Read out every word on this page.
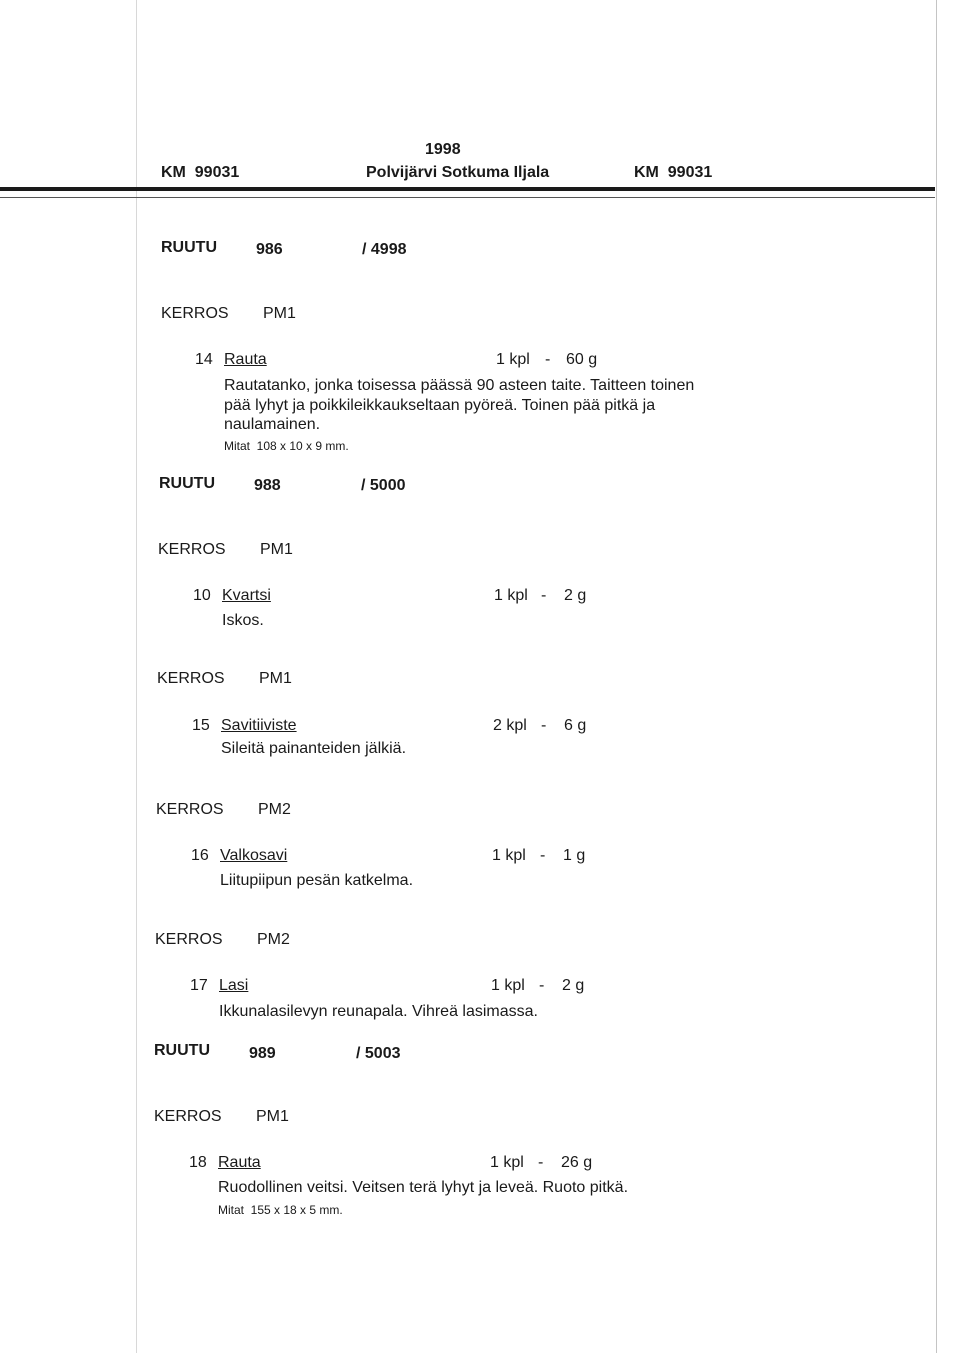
1998
KM  99031	Polvijärvi Sotkuma Iljala	KM  99031
RUUTU 986	/ 4998
KERROS PM1
14 Rauta	1 kpl - 60 g
Rautatanko, jonka toisessa päässä 90 asteen taite. Taitteen toinen
pää lyhyt ja poikkileikkaukseltaan pyöreä. Toinen pää pitkä ja
naulamainen.
Mitat  108 x 10 x 9 mm.
RUUTU 988	/ 5000
KERROS PM1
10 Kvartsi	1 kpl - 2 g
Iskos.
KERROS PM1
15 Savitiiviste	2 kpl - 6 g
Sileitä painanteiden jälkiä.
KERROS PM2
16 Valkosavi	1 kpl - 1 g
Liitupiipun pesän katkelma.
KERROS PM2
17 Lasi	1 kpl - 2 g
Ikkunalasilevyn reunapala. Vihreä lasimassa.
RUUTU 989	/ 5003
KERROS PM1
18 Rauta	1 kpl - 26 g
Ruodollinen veitsi. Veitsen terä lyhyt ja leveä. Ruoto pitkä.
Mitat  155 x 18 x 5 mm.
